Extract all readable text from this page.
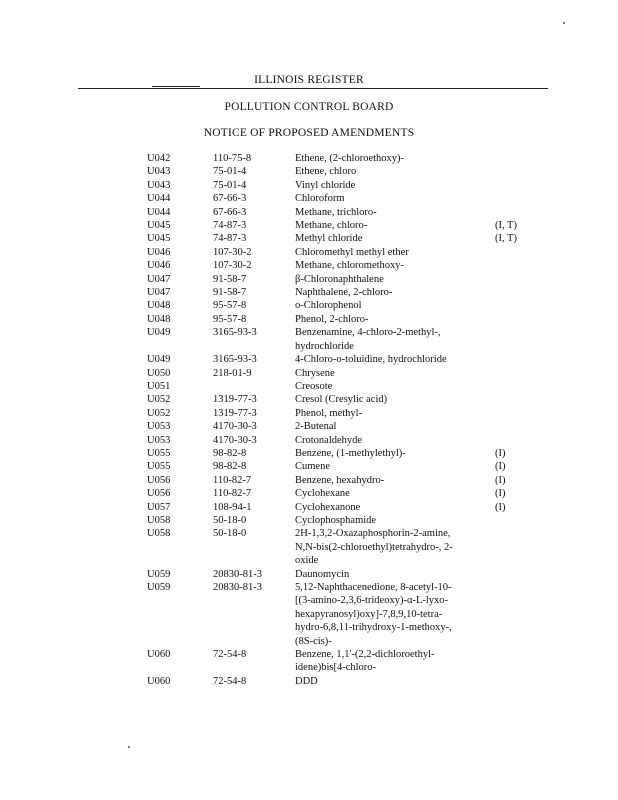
ILLINOIS REGISTER
POLLUTION CONTROL BOARD
NOTICE OF PROPOSED AMENDMENTS
U042	110-75-8	Ethene, (2-chloroethoxy)-	

U043	75-01-4	Ethene, chloro	

U043	75-01-4	Vinyl chloride	

U044	67-66-3	Chloroform	

U044	67-66-3	Methane, trichloro-	

U045	74-87-3	Methane, chloro-	(I, T)
U045	74-87-3	Methyl chloride	(I, T)
U046	107-30-2	Chloromethyl methyl ether	

U046	107-30-2	Methane, chloromethoxy-	

U047	91-58-7	β-Chloronaphthalene	

U047	91-58-7	Naphthalene, 2-chloro-	

U048	95-57-8	o-Chlorophenol	

U048	95-57-8	Phenol, 2-chloro-	

U049	3165-93-3	Benzenamine, 4-chloro-2-methyl-,
hydrochloride	

U049	3165-93-3	4-Chloro-o-toluidine, hydrochloride	

U050	218-01-9	Chrysene	

U051		Creosote	

U052	1319-77-3	Cresol (Cresylic acid)	

U052	1319-77-3	Phenol, methyl-	

U053	4170-30-3	2-Butenal	

U053	4170-30-3	Crotonaldehyde	

U055	98-82-8	Benzene, (1-methylethyl)-	(I)
U055	98-82-8	Cumene	(I)
U056	110-82-7	Benzene, hexahydro-	(I)
U056	110-82-7	Cyclohexane	(I)
U057	108-94-1	Cyclohexanone	(I)
U058	50-18-0	Cyclophosphamide	

U058	50-18-0	2H-1,3,2-Oxazaphosphorin-2-amine,
N,N-bis(2-chloroethyl)tetrahydro-, 2-
oxide	

U059	20830-81-3	Daunomycin	

U059	20830-81-3	5,12-Naphthacenedione, 8-acetyl-10-
[(3-amino-2,3,6-trideoxy)-α-L-lyxo-
hexapyranosyl)oxy]-7,8,9,10-tetra-
hydro-6,8,11-trihydroxy-1-methoxy-,
(8S-cis)-	

U060	72-54-8	Benzene, 1,1'-(2,2-dichloroethyl-
idene)bis[4-chloro-	

U060	72-54-8	DDD	
